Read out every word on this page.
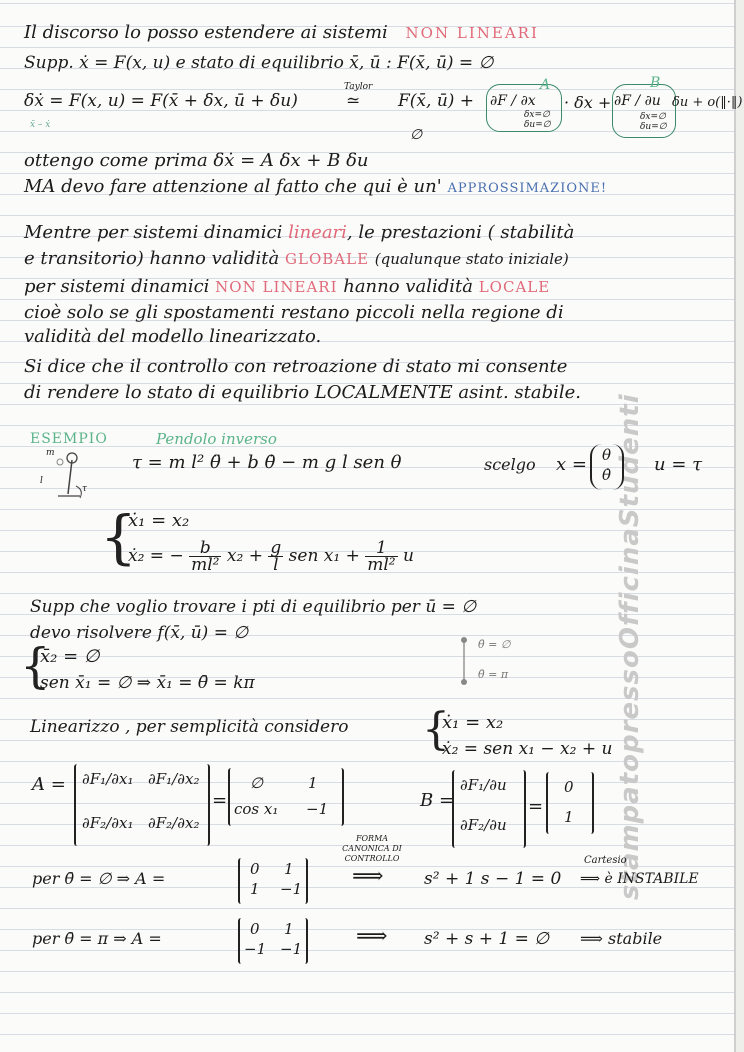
stampatopressoOfficinaStudenti
Il discorso lo posso estendere ai sistemi NON LINEARI
Supp. ẋ = F(x, u) e stato di equilibrio x̄, ū : F(x̄, ū) = ∅
δẋ = F(x, u) = F(x̄ + δx, ū + δu)
Taylor
≃ F(x̄, ū) + ∂F / ∂x
δx=∅ δu=∅
A
· δx + ∂F / ∂u
δx=∅ δu=∅
B
δu + o(‖·‖)
∅
x̄ – ẋ
ottengo come prima δẋ = A δx + B δu
MA devo fare attenzione al fatto che qui è un' APPROSSIMAZIONE!
Mentre per sistemi dinamici lineari, le prestazioni ( stabilità
e transitorio) hanno validità GLOBALE (qualunque stato iniziale)
per sistemi dinamici NON LINEARI hanno validità LOCALE
cioè solo se gli spostamenti restano piccoli nella regione di
validità del modello linearizzato.
Si dice che il controllo con retroazione di stato mi consente
di rendere lo stato di equilibrio LOCALMENTE asint. stabile.
ESEMPIO	Pendolo inverso
m
l
τ
τ = m l² θ̈ + b θ̇ − m g l sen θ	scelgo x = θ
θ̇ u = τ
{
ẋ₁ = x₂
ẋ₂ = − $\frac{b}{\text{ml²}} x_2 + \frac{g}{l}$ sen $x_1 + \frac{1}{\text{ml²}}$ u
Supp che voglio trovare i pti di equilibrio per ū = ∅
devo risolvere f(x̄, ū) = ∅
{
x̄₂ = ∅
sen x̄₁ = ∅ ⇒ x̄₁ = θ̄ = kπ
θ̄ = ∅
θ̄ = π
Linearizzo , per semplicità considero {
ẋ₁ = x₂
ẋ₂ = sen x₁ − x₂ + u
A = ∂F₁/∂x₁ ∂F₁/∂x₂
∂F₂/∂x₁ ∂F₂/∂x₂
=
∅	1
cos x₁ −1	B =
∂F₁/∂u
∂F₂/∂u
=
0
1
per θ̄ = ∅ ⇒ A =	0 1
1 −1
FORMA CANONICA DI CONTROLLO
⟹ s² + 1 s − 1 = 0
Cartesio
⟹ è INSTABILE
per θ̄ = π ⇒ A =	0 1
−1 −1 ⟹ s² + s + 1 = ∅ ⟹ stabile
